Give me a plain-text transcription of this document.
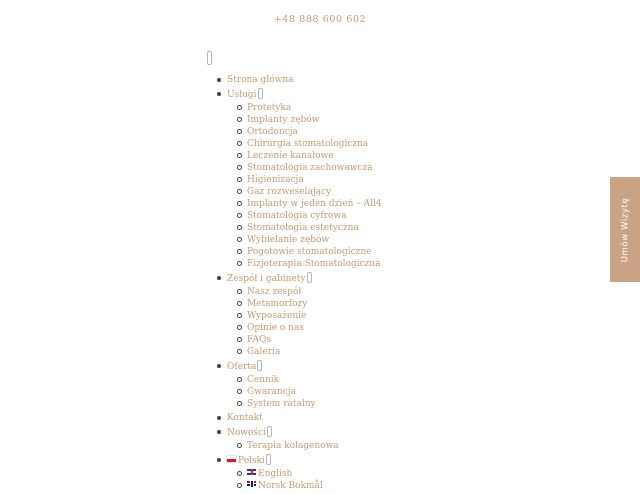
+48 888 600 602
Strona główna
Usługi
Protetyka
Implanty zębów
Ortodoncja
Chirurgia stomatologiczna
Leczenie kanałowe
Stomatologia zachowawcza
Higienizacja
Gaz rozweselający
Implanty w jeden dzień – All4
Stomatologia cyfrowa
Stomatologia estetyczna
Wybielanie zębów
Pogotowie stomatologiczne
Fizjoterapia Stomatologiczna
Zespół i gabinety
Nasz zespół
Metamorfozy
Wyposażenie
Opinie o nas
FAQs
Galeria
Oferta
Cennik
Gwarancja
System ratalny
Kontakt
Nowości
Terapia kolagenowa
Polski
English
Norsk Bokmål
Umów Wizytę
